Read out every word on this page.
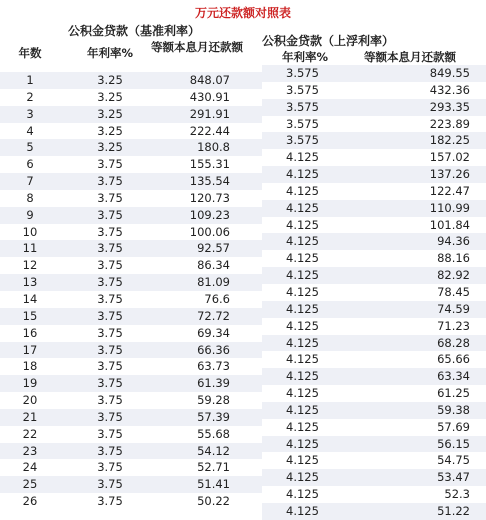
万元还款额对照表
公积金贷款（基准利率）
年数	年利率%	等额本息月还款额
1	3.25	848.07
2	3.25	430.91
3	3.25	291.91
4	3.25	222.44
5	3.25	180.8
6	3.75	155.31
7	3.75	135.54
8	3.75	120.73
9	3.75	109.23
10	3.75	100.06
11	3.75	92.57
12	3.75	86.34
13	3.75	81.09
14	3.75	76.6
15	3.75	72.72
16	3.75	69.34
17	3.75	66.36
18	3.75	63.73
19	3.75	61.39
20	3.75	59.28
21	3.75	57.39
22	3.75	55.68
23	3.75	54.12
24	3.75	52.71
25	3.75	51.41
26	3.75	50.22
公积金贷款（上浮利率）
年利率%	等额本息月还款额
3.575	849.55
3.575	432.36
3.575	293.35
3.575	223.89
3.575	182.25
4.125	157.02
4.125	137.26
4.125	122.47
4.125	110.99
4.125	101.84
4.125	94.36
4.125	88.16
4.125	82.92
4.125	78.45
4.125	74.59
4.125	71.23
4.125	68.28
4.125	65.66
4.125	63.34
4.125	61.25
4.125	59.38
4.125	57.69
4.125	56.15
4.125	54.75
4.125	53.47
4.125	52.3
4.125	51.22
